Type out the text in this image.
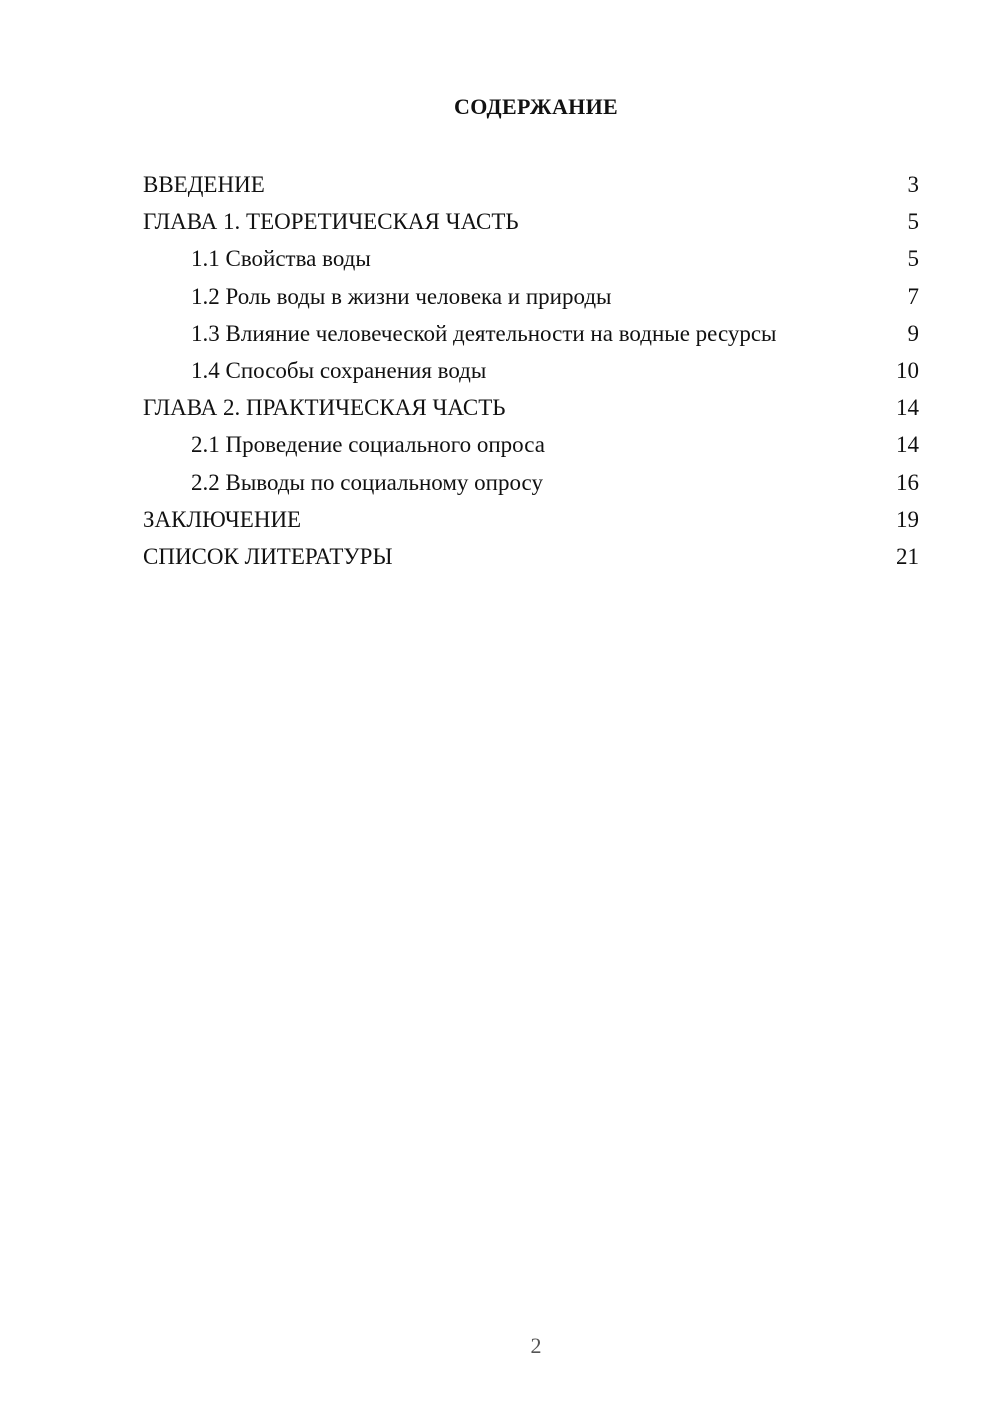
СОДЕРЖАНИЕ
ВВЕДЕНИЕ	3
ГЛАВА 1. ТЕОРЕТИЧЕСКАЯ ЧАСТЬ	5
1.1 Свойства воды	5
1.2 Роль воды в жизни человека и природы	7
1.3 Влияние человеческой деятельности на водные ресурсы	9
1.4 Способы сохранения воды	10
ГЛАВА 2. ПРАКТИЧЕСКАЯ ЧАСТЬ	14
2.1 Проведение социального опроса	14
2.2 Выводы по социальному опросу	16
ЗАКЛЮЧЕНИЕ	19
СПИСОК ЛИТЕРАТУРЫ	21
2
